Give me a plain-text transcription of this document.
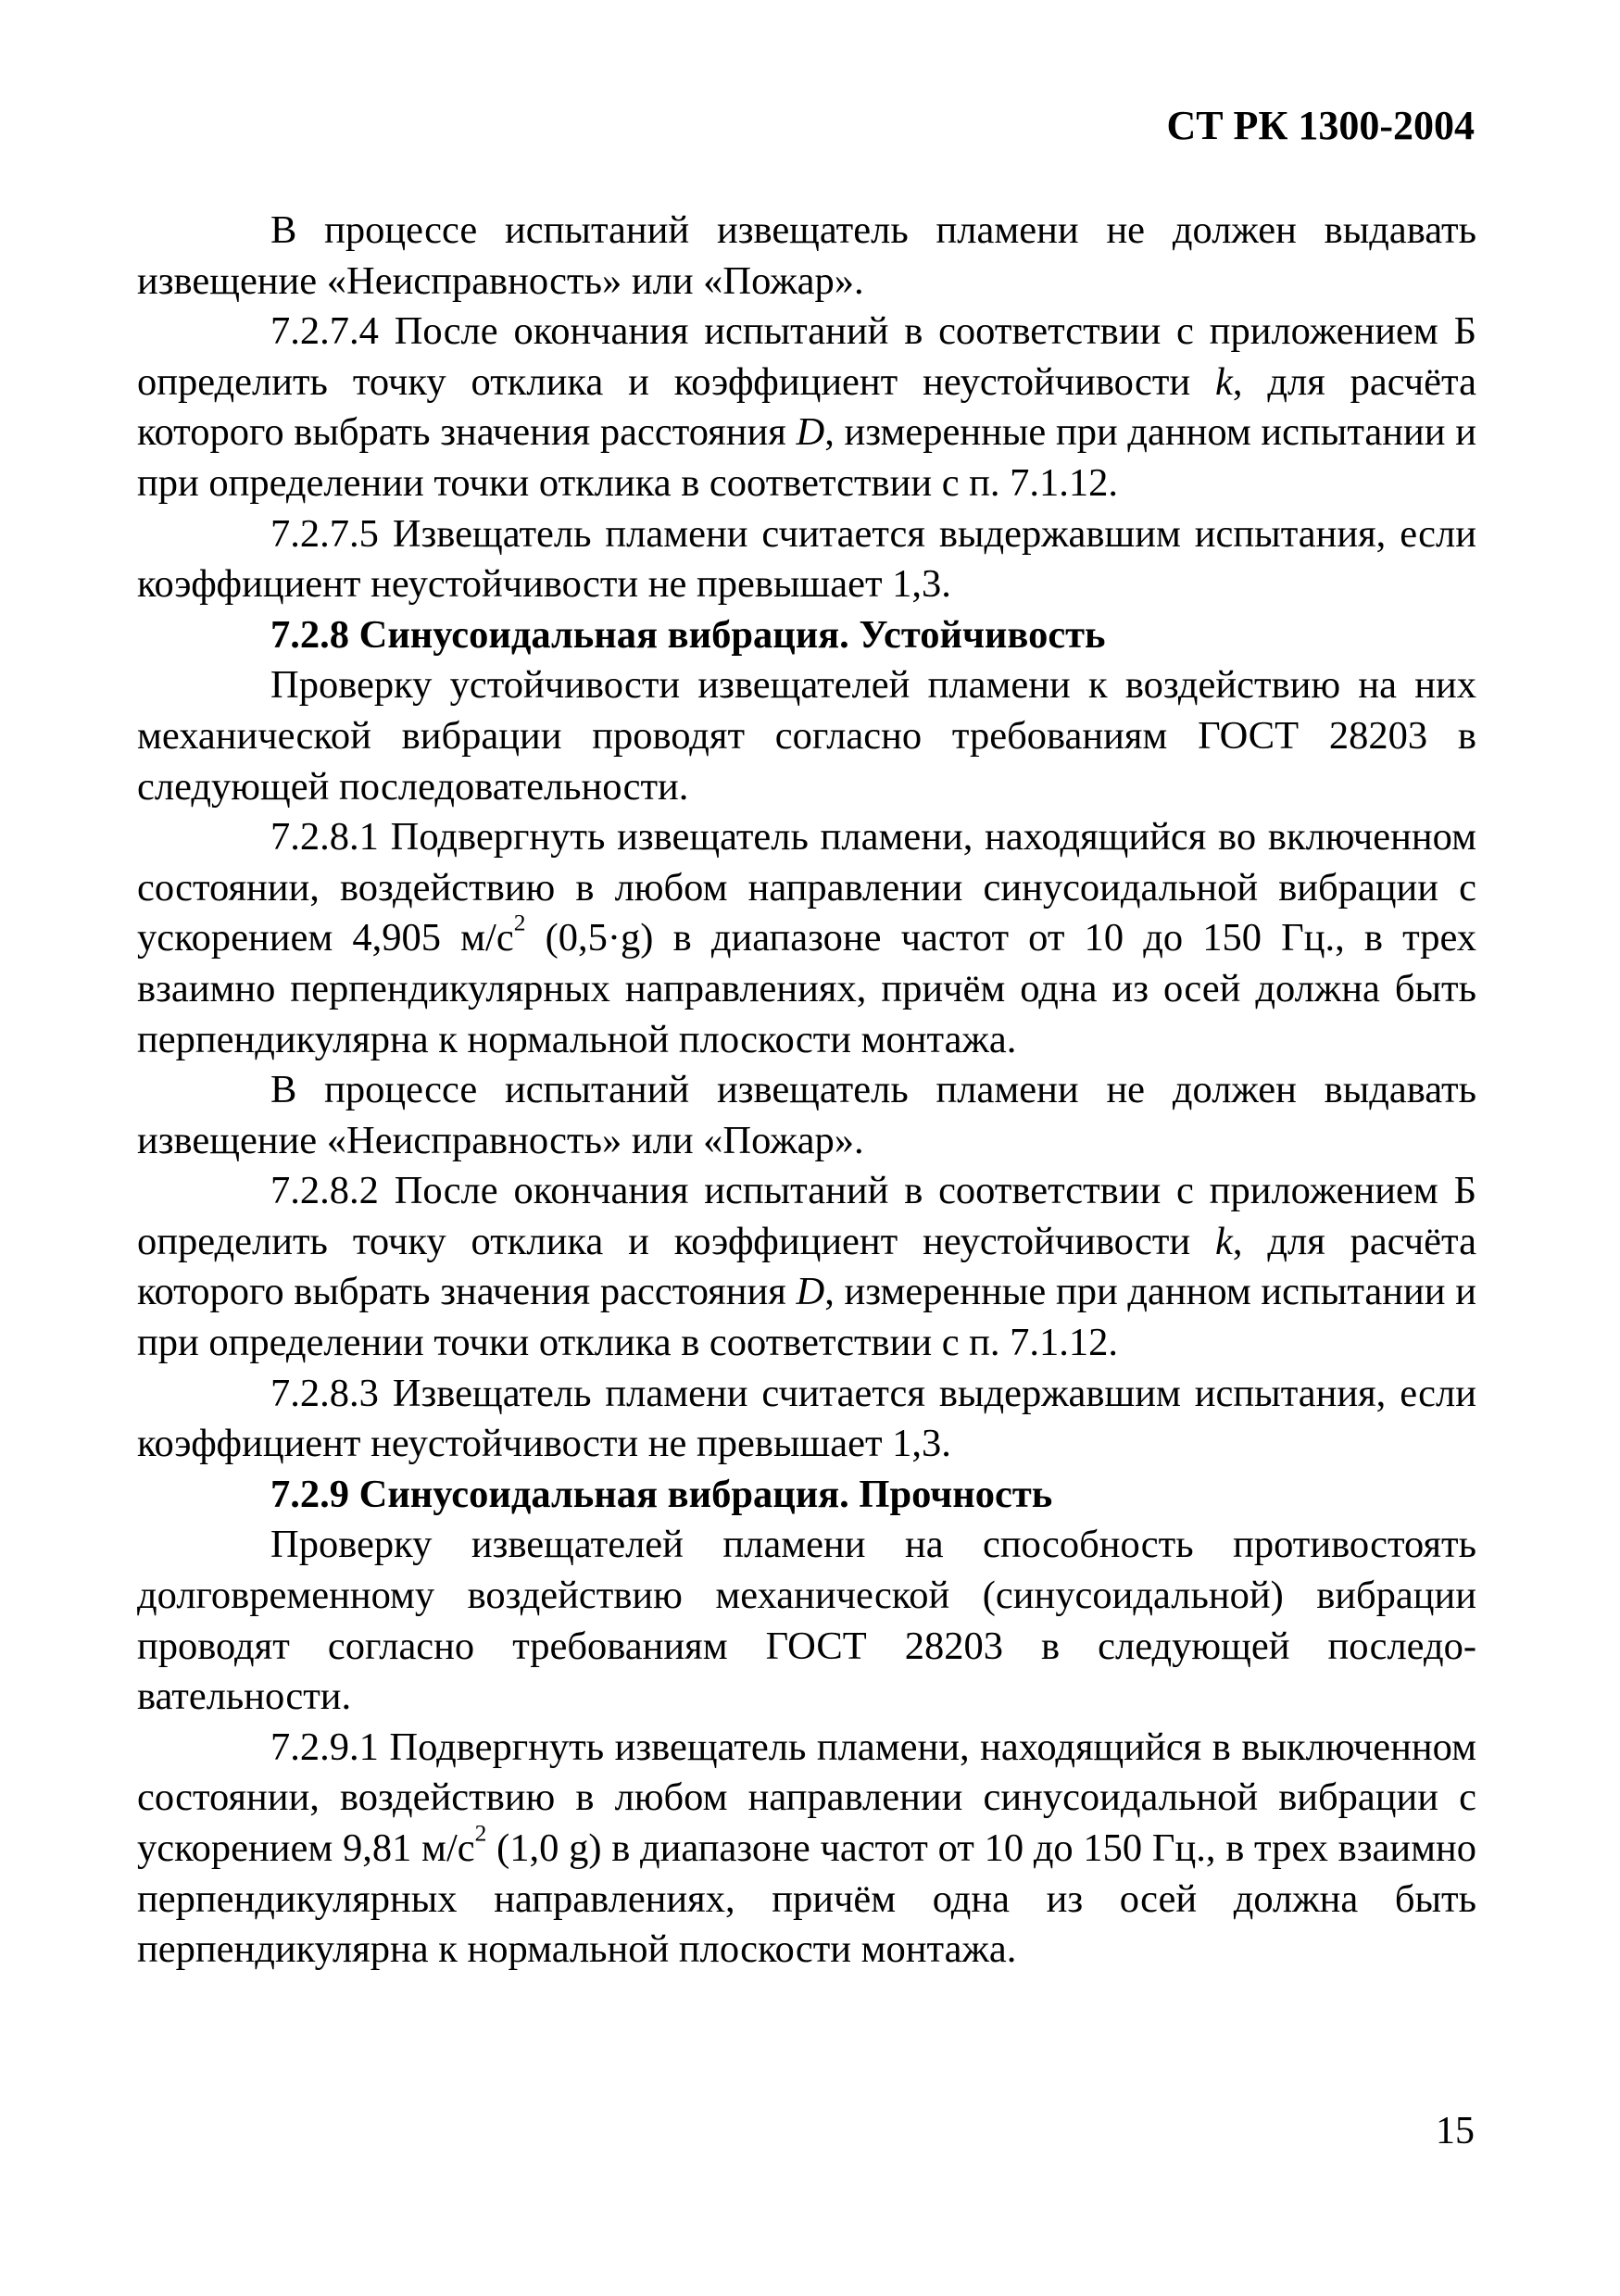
СТ РК 1300-2004

В процессе испытаний извещатель пламени не должен выдавать извещение «Неисправность» или «Пожар».

7.2.7.4 После окончания испытаний в соответствии с приложением Б определить точку отклика и коэффициент неустойчивости k, для расчёта которого выбрать значения расстояния D, измеренные при данном испытании и при определении точки отклика в соответствии с п. 7.1.12.

7.2.7.5 Извещатель пламени считается выдержавшим испытания, если коэффициент неустойчивости не превышает 1,3.

7.2.8 Синусоидальная вибрация. Устойчивость

Проверку устойчивости извещателей пламени к воздействию на них механической вибрации проводят согласно требованиям ГОСТ 28203 в следующей последовательности.

7.2.8.1 Подвергнуть извещатель пламени, находящийся во включенном состоянии, воздействию в любом направлении синусоидальной вибрации с ускорением 4,905 $м/с^2$ (0,5·g) в диапазоне частот от 10 до 150 Гц., в трех взаимно перпендикулярных направлениях, причём одна из осей должна быть перпендикулярна к нормальной плоскости монтажа.

В процессе испытаний извещатель пламени не должен выдавать извещение «Неисправность» или «Пожар».

7.2.8.2 После окончания испытаний в соответствии с приложением Б определить точку отклика и коэффициент неустойчивости k, для расчёта которого выбрать значения расстояния D, измеренные при данном испытании и при определении точки отклика в соответствии с п. 7.1.12.

7.2.8.3 Извещатель пламени считается выдержавшим испытания, если коэффициент неустойчивости не превышает 1,3.

7.2.9 Синусоидальная вибрация. Прочность

Проверку извещателей пламени на способность противостоять долговременному воздействию механической (синусоидальной) вибрации проводят согласно требованиям ГОСТ 28203 в следующей последовательности.

7.2.9.1 Подвергнуть извещатель пламени, находящийся в выключенном состоянии, воздействию в любом направлении синусоидальной вибрации с ускорением 9,81 $м/с^2$ (1,0 g) в диапазоне частот от 10 до 150 Гц., в трех взаимно перпендикулярных направлениях, причём одна из осей должна быть перпендикулярна к нормальной плоскости монтажа.

15
